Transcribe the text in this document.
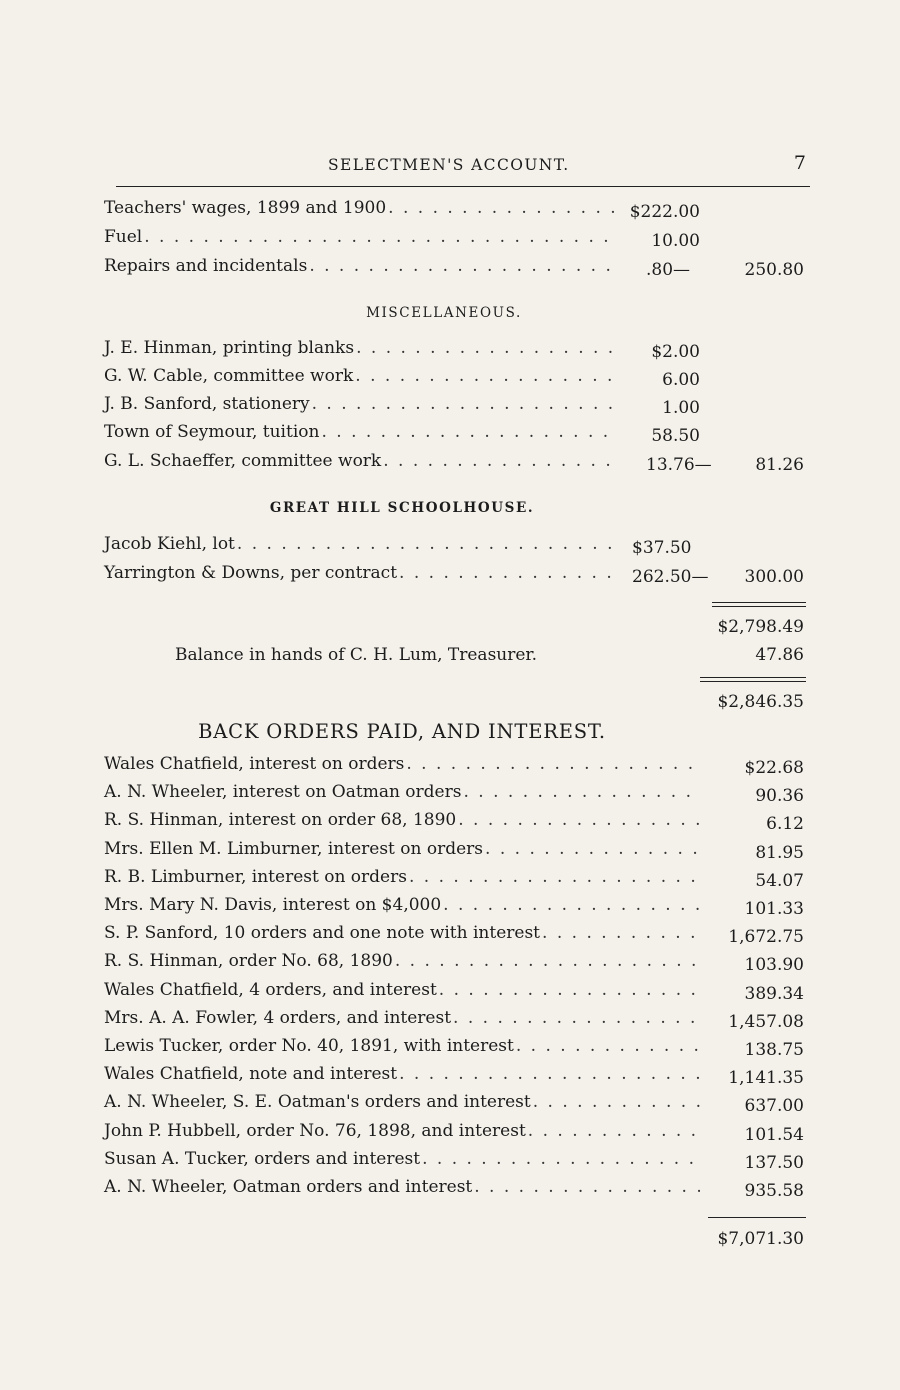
SELECTMEN'S ACCOUNT.	7
Teachers' wages, 1899 and 1900 . . .	$222.00
Fuel . . .	10.00
Repairs and incidentals . . .	.80—	250.80
MISCELLANEOUS.
J. E. Hinman, printing blanks . . .	$2.00
G. W. Cable, committee work . . .	6.00
J. B. Sanford, stationery . . .	1.00
Town of Seymour, tuition . . .	58.50
G. L. Schaeffer, committee work . . .	13.76—	81.26
GREAT HILL SCHOOLHOUSE.
Jacob Kiehl, lot . . .	$37.50
Yarrington & Downs, per contract . . .	262.50—	300.00
$2,798.49
Balance in hands of C. H. Lum, Treasurer.	47.86
$2,846.35
BACK ORDERS PAID, AND INTEREST.
Wales Chatfield, interest on orders . . .	$22.68
A. N. Wheeler, interest on Oatman orders . . .	90.36
R. S. Hinman, interest on order 68, 1890 . . .	6.12
Mrs. Ellen M. Limburner, interest on orders . . .	81.95
R. B. Limburner, interest on orders . . .	54.07
Mrs. Mary N. Davis, interest on $4,000 . . .	101.33
S. P. Sanford, 10 orders and one note with interest . . .	1,672.75
R. S. Hinman, order No. 68, 1890 . . .	103.90
Wales Chatfield, 4 orders, and interest . . .	389.34
Mrs. A. A. Fowler, 4 orders, and interest . . .	1,457.08
Lewis Tucker, order No. 40, 1891, with interest . . .	138.75
Wales Chatfield, note and interest . . .	1,141.35
A. N. Wheeler, S. E. Oatman's orders and interest . . .	637.00
John P. Hubbell, order No. 76, 1898, and interest . . .	101.54
Susan A. Tucker, orders and interest . . .	137.50
A. N. Wheeler, Oatman orders and interest . . .	935.58
$7,071.30
